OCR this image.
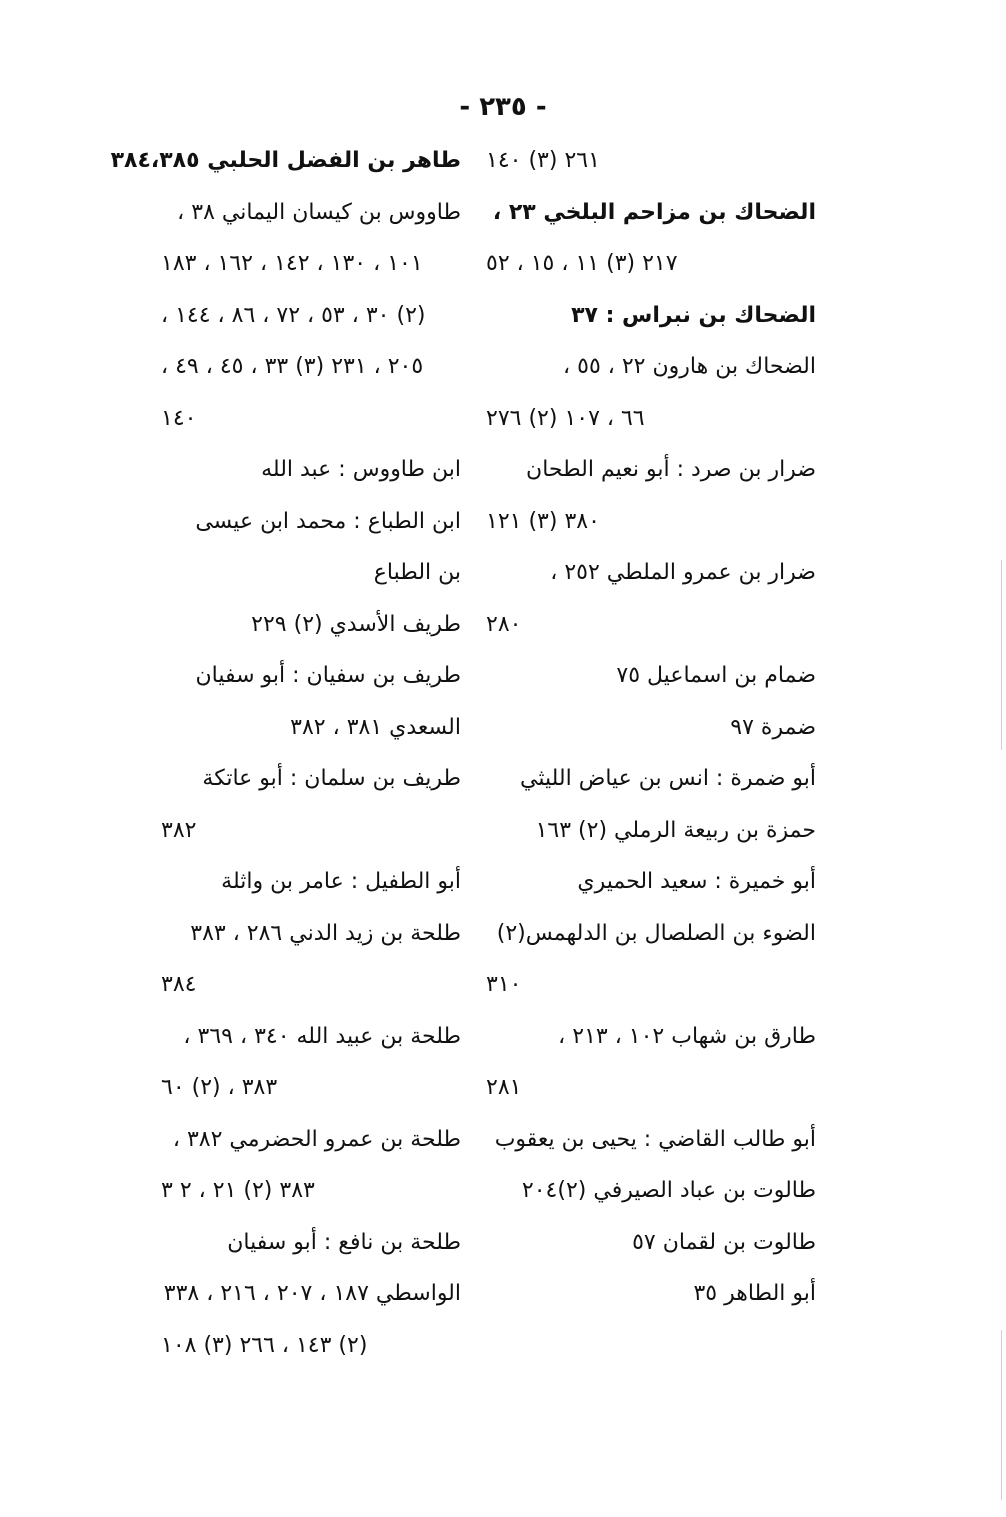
- ٢٣٥ -
٢٦١ (٣) ١٤٠
الضحاك بن مزاحم البلخي ٢٣ ،
٢١٧ (٣) ١١ ، ١٥ ، ٥٢
الضحاك بن نبراس : ٣٧
الضحاك بن هارون ٢٢ ، ٥٥ ،
٦٦ ، ١٠٧ (٢) ٢٧٦
ضرار بن صرد : أبو نعيم الطحان
٣٨٠ (٣) ١٢١
ضرار بن عمرو الملطي ٢٥٢ ،
٢٨٠
ضمام بن اسماعيل ٧٥
ضمرة ٩٧
أبو ضمرة : انس بن عياض الليثي
حمزة بن ربيعة الرملي (٢) ١٦٣
أبو خميرة : سعيد الحميري
الضوء بن الصلصال بن الدلهمس(٢)
٣١٠
طارق بن شهاب ١٠٢ ، ٢١٣ ،
٢٨١
أبو طالب القاضي : يحيى بن يعقوب
طالوت بن عباد الصيرفي (٢)٢٠٤
طالوت بن لقمان ٥٧
أبو الطاهر ٣٥
طاهر بن الفضل الحلبي ٣٨٤،٣٨٥
طاووس بن كيسان اليماني ٣٨ ،
١٠١ ، ١٣٠ ، ١٤٢ ، ١٦٢ ، ١٨٣
(٢) ٣٠ ، ٥٣ ، ٧٢ ، ٨٦ ، ١٤٤ ،
٢٠٥ ، ٢٣١ (٣) ٣٣ ، ٤٥ ، ٤٩ ،
١٤٠
ابن طاووس : عبد الله
ابن الطباع : محمد ابن عيسى
بن الطباع
طريف الأسدي (٢) ٢٢٩
طريف بن سفيان : أبو سفيان
السعدي ٣٨١ ، ٣٨٢
طريف بن سلمان : أبو عاتكة
٣٨٢
أبو الطفيل : عامر بن واثلة
طلحة بن زيد الدني ٢٨٦ ، ٣٨٣
٣٨٤
طلحة بن عبيد الله ٣٤٠ ، ٣٦٩ ،
٣٨٣ ، (٢) ٦٠
طلحة بن عمرو الحضرمي ٣٨٢ ،
٣٨٣ (٢) ٢١ ، ٢ ٣
طلحة بن نافع : أبو سفيان
الواسطي ١٨٧ ، ٢٠٧ ، ٢١٦ ، ٣٣٨
(٢) ١٤٣ ، ٢٦٦ (٣) ١٠٨
